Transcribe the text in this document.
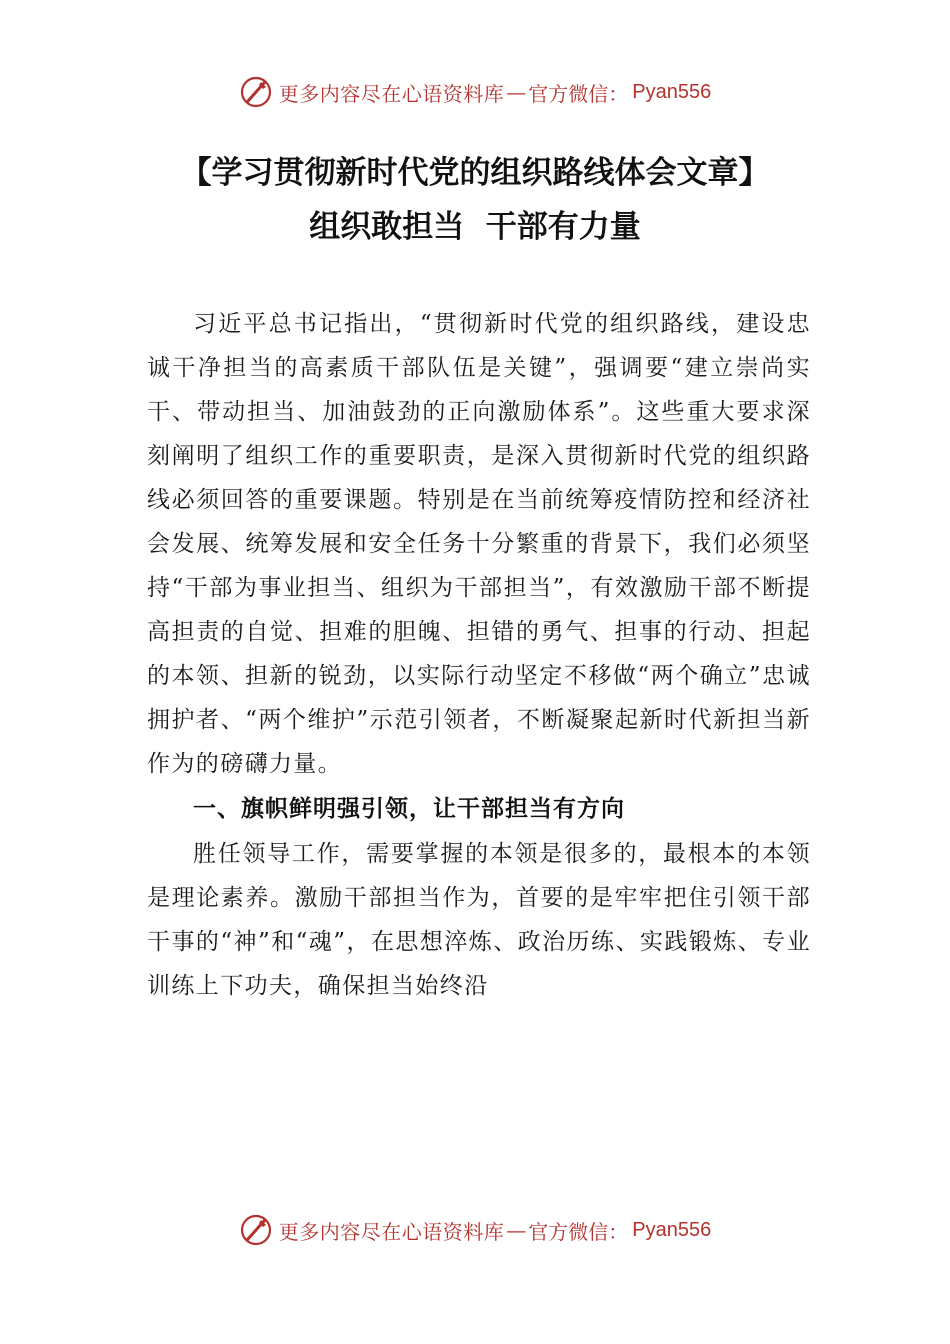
更多内容尽在心语资料库 — 官方微信： Pyan556
【学习贯彻新时代党的组织路线体会文章】
组织敢担当  干部有力量

习近平总书记指出，“贯彻新时代党的组织路线，建设忠诚干净担当的高素质干部队伍是关键”，强调要“建立崇尚实干、带动担当、加油鼓劲的正向激励体系”。这些重大要求深刻阐明了组织工作的重要职责，是深入贯彻新时代党的组织路线必须回答的重要课题。特别是在当前统筹疫情防控和经济社会发展、统筹发展和安全任务十分繁重的背景下，我们必须坚持“干部为事业担当、组织为干部担当”，有效激励干部不断提高担责的自觉、担难的胆魄、担错的勇气、担事的行动、担起的本领、担新的锐劲，以实际行动坚定不移做“两个确立”忠诚拥护者、“两个维护”示范引领者，不断凝聚起新时代新担当新作为的磅礴力量。

一、旗帜鲜明强引领，让干部担当有方向

胜任领导工作，需要掌握的本领是很多的，最根本的本领是理论素养。激励干部担当作为，首要的是牢牢把住引领干部干事的“神”和“魂”，在思想淬炼、政治历练、实践锻炼、专业训练上下功夫，确保担当始终沿

更多内容尽在心语资料库 — 官方微信： Pyan556
